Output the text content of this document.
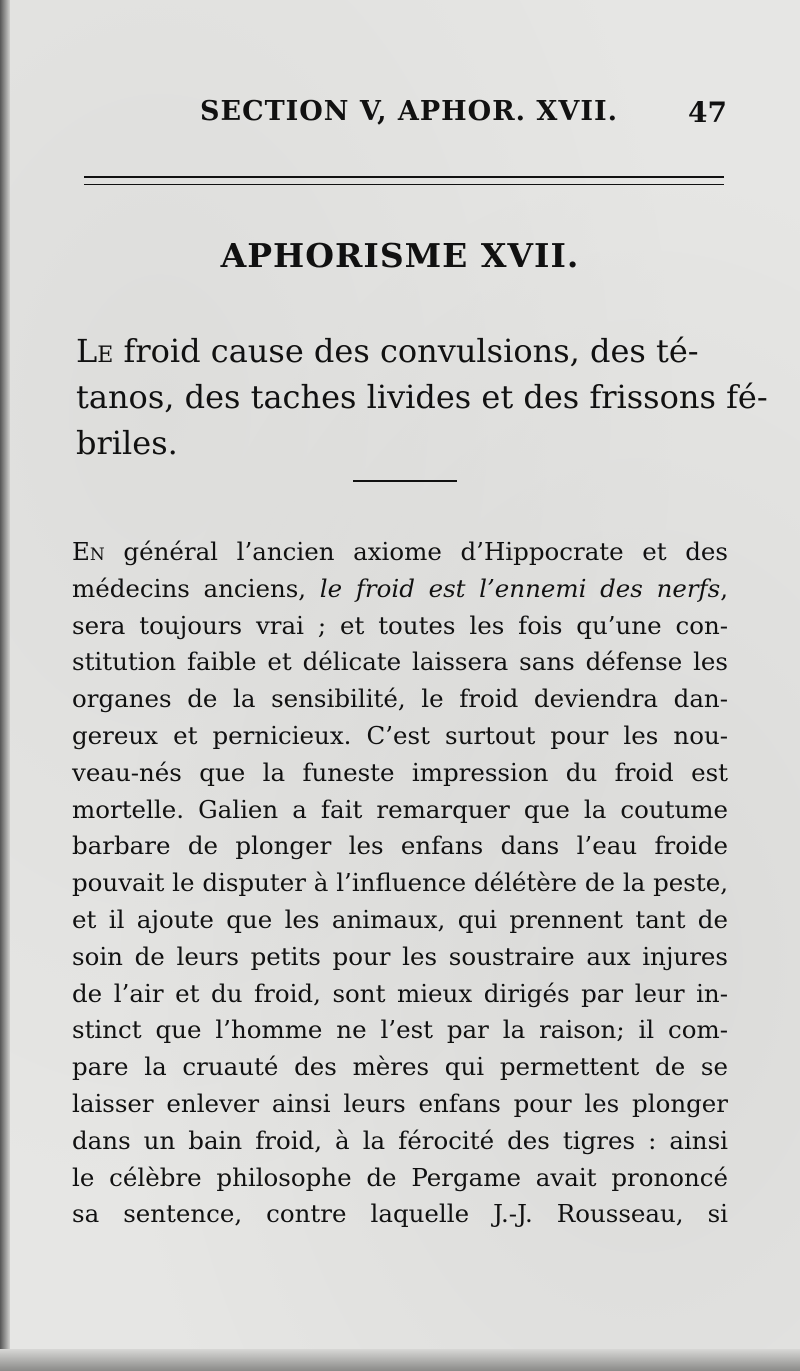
SECTION V, APHOR. XVII.	47
APHORISME XVII.
Le froid cause des convulsions, des té-
tanos, des taches livides et des frissons fé-
briles.
En général l’ancien axiome d’Hippocrate et des
médecins anciens, le froid est l’ennemi des nerfs,
sera toujours vrai ; et toutes les fois qu’une con-
stitution faible et délicate laissera sans défense les
organes de la sensibilité, le froid deviendra dan-
gereux et pernicieux. C’est surtout pour les nou-
veau-nés que la funeste impression du froid est
mortelle. Galien a fait remarquer que la coutume
barbare de plonger les enfans dans l’eau froide
pouvait le disputer à l’influence délétère de la peste,
et il ajoute que les animaux, qui prennent tant de
soin de leurs petits pour les soustraire aux injures
de l’air et du froid, sont mieux dirigés par leur in-
stinct que l’homme ne l’est par la raison; il com-
pare la cruauté des mères qui permettent de se
laisser enlever ainsi leurs enfans pour les plonger
dans un bain froid, à la férocité des tigres : ainsi
le célèbre philosophe de Pergame avait prononcé
sa sentence, contre laquelle J.-J. Rousseau, si
